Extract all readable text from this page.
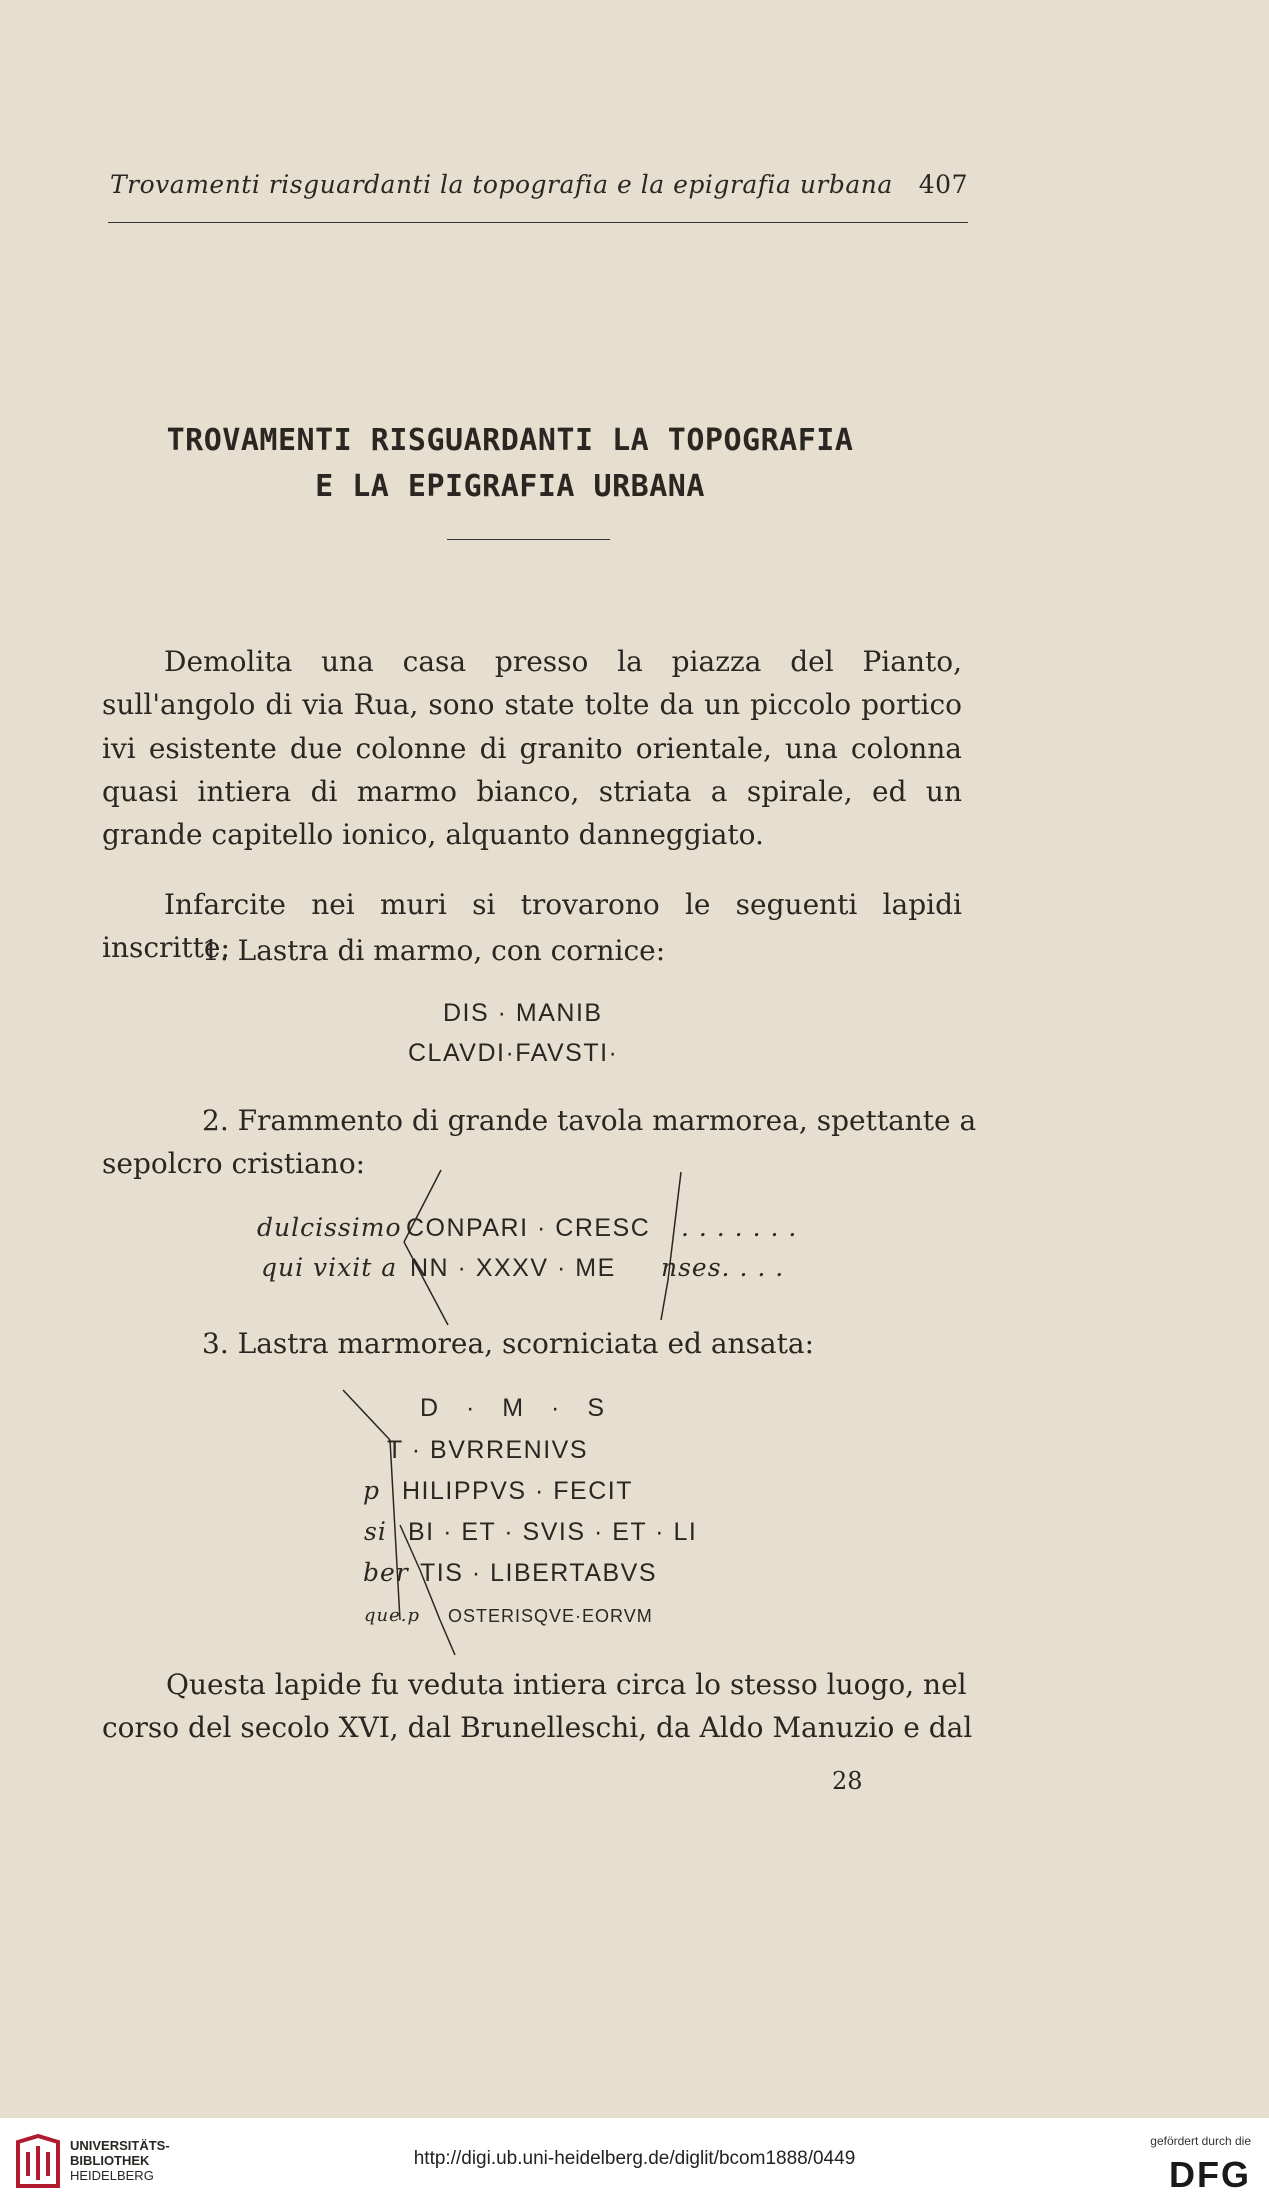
Trovamenti risguardanti la topografia e la epigrafia urbana 407
TROVAMENTI RISGUARDANTI LA TOPOGRAFIA
E LA EPIGRAFIA URBANA
Demolita una casa presso la piazza del Pianto, sull'angolo di via Rua, sono state tolte da un piccolo portico ivi esistente due colonne di granito orientale, una colonna quasi intiera di marmo bianco, striata a spirale, ed un grande capitello ionico, alquanto danneggiato.
Infarcite nei muri si trovarono le seguenti lapidi inscritte:
1. Lastra di marmo, con cornice:
DIS · MANIB
CLAVDI·FAVSTI·
2. Frammento di grande tavola marmorea, spettante a
sepolcro cristiano:
dulcissimo CONPARI · CRESC . . . . . . .
qui vixit a NN · XXXV · ME nses. . . .
3. Lastra marmorea, scorniciata ed ansata:
D · M · S
T · BVRRENIVS
p HILIPPVS · FECIT
si BI · ET · SVIS · ET · LI
ber TIS · LIBERTABVS
que.p OSTERISQVE·EORVM
Questa lapide fu veduta intiera circa lo stesso luogo, nel
corso del secolo XVI, dal Brunelleschi, da Aldo Manuzio e dal
28
UNIVERSITÄTS-
BIBLIOTHEK
HEIDELBERG
http://digi.ub.uni-heidelberg.de/diglit/bcom1888/0449
gefördert durch die
DFG
